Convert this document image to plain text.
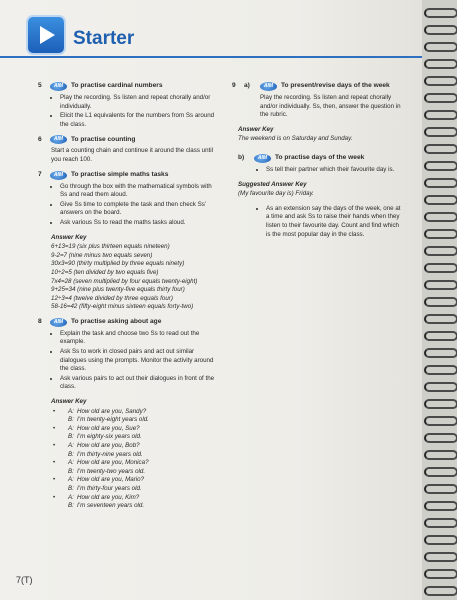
Starter
5	AIM	To practise cardinal numbers
• Play the recording. Ss listen and repeat chorally and/or individually.
• Elicit the L1 equivalents for the numbers from Ss around the class.
6	AIM	To practise counting
Start a counting chain and continue it around the class until you reach 100.
7	AIM	To practise simple maths tasks
• Go through the box with the mathematical symbols with Ss and read them aloud.
• Give Ss time to complete the task and then check Ss’ answers on the board.
• Ask various Ss to read the maths tasks aloud.
Answer Key
6+13=19 (six plus thirteen equals nineteen)
9-2=7 (nine minus two equals seven)
30x3=90 (thirty multiplied by three equals ninety)
10÷2=5 (ten divided by two equals five)
7x4=28 (seven multiplied by four equals twenty-eight)
9+25=34 (nine plus twenty-five equals thirty four)
12÷3=4 (twelve divided by three equals four)
58-16=42 (fifty-eight minus sixteen equals forty-two)
8	AIM	To practise asking about age
• Explain the task and choose two Ss to read out the example.
• Ask Ss to work in closed pairs and act out similar dialogues using the prompts. Monitor the activity around the class.
• Ask various pairs to act out their dialogues in front of the class.
Answer Key
• A: How old are you, Sandy?
B: I’m twenty-eight years old.
• A: How old are you, Sue?
B: I’m eighty-six years old.
• A: How old are you, Bob?
B: I’m thirty-nine years old.
• A: How old are you, Monica?
B: I’m twenty-two years old.
• A: How old are you, Mario?
B: I’m thirty-four years old.
• A: How old are you, Kim?
B: I’m seventeen years old.
9	a)	AIM	To present/revise days of the week
Play the recording. Ss listen and repeat chorally and/or individually. Ss, then, answer the question in the rubric.
Answer Key
The weekend is on Saturday and Sunday.
b)	AIM	To practise days of the week
• Ss tell their partner which their favourite day is.
Suggested Answer Key
(My favourite day is) Friday.
• As an extension say the days of the week, one at a time and ask Ss to raise their hands when they listen to their favourite day. Count and find which is the most popular day in the class.
7(T)
